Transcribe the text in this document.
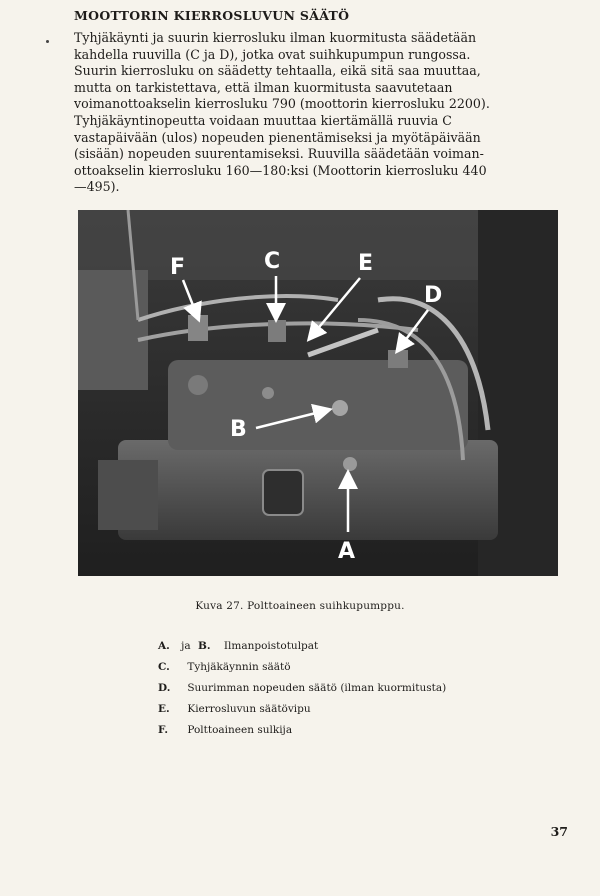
MOOTTORIN KIERROSLUVUN SÄÄTÖ
Tyhjäkäynti ja suurin kierrosluku ilman kuormitusta säädetään
kahdella ruuvilla (C ja D), jotka ovat suihkupumpun rungossa.
Suurin kierrosluku on säädetty tehtaalla, eikä sitä saa muuttaa,
mutta on tarkistettava, että ilman kuormitusta saavutetaan
voimanottoakselin kierrosluku 790 (moottorin kierrosluku 2200).
Tyhjäkäyntinopeutta voidaan muuttaa kiertämällä ruuvia C
vastapäivään (ulos) nopeuden pienentämiseksi ja myötäpäivään
(sisään) nopeuden suurentamiseksi. Ruuvilla säädetään voiman-
ottoakselin kierrosluku 160—180:ksi (Moottorin kierrosluku 440
—495).
F	C	E
D
B
A
Kuva 27. Polttoaineen suihkupumppu.
A. ja B. Ilmanpoistotulpat
C. Tyhjäkäynnin säätö
D. Suurimman nopeuden säätö (ilman kuormitusta)
E. Kierrosluvun säätövipu
F. Polttoaineen sulkija
37
